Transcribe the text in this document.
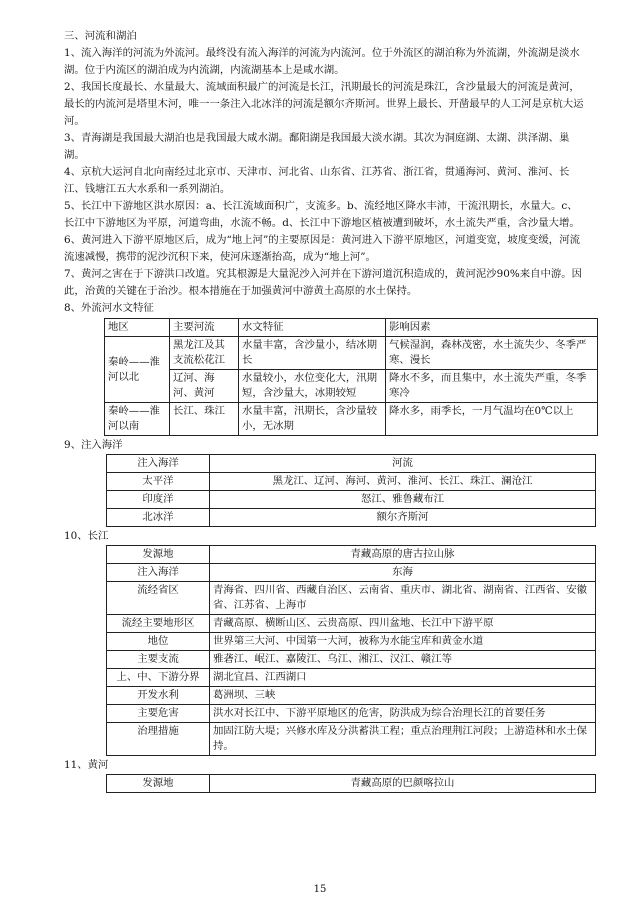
三、河流和湖泊

1、流入海洋的河流为外流河。最终没有流入海洋的河流为内流河。位于外流区的湖泊称为外流湖，外流湖是淡水湖。位于内流区的湖泊成为内流湖，内流湖基本上是咸水湖。

2、我国长度最长、水量最大、流域面积最广的河流是长江，汛期最长的河流是珠江，含沙量最大的河流是黄河，最长的内流河是塔里木河，唯一一条注入北冰洋的河流是额尔齐斯河。世界上最长、开凿最早的人工河是京杭大运河。

3、青海湖是我国最大湖泊也是我国最大咸水湖。鄱阳湖是我国最大淡水湖。其次为洞庭湖、太湖、洪泽湖、巢湖。

4、京杭大运河自北向南经过北京市、天津市、河北省、山东省、江苏省、浙江省，贯通海河、黄河、淮河、长江、钱塘江五大水系和一系列湖泊。

5、长江中下游地区洪水原因：a、长江流域面积广，支流多。b、流经地区降水丰沛，干流汛期长，水量大。c、长江中下游地区为平原，河道弯曲，水流不畅。d、长江中下游地区植被遭到破坏，水土流失严重，含沙量大增。

6、黄河进入下游平原地区后，成为“地上河”的主要原因是：黄河进入下游平原地区，河道变宽，坡度变缓，河流流速减慢，携带的泥沙沉积下来，使河床逐渐抬高，成为“地上河”。

7、黄河之害在于下游洪口改道。究其根源是大量泥沙入河并在下游河道沉积造成的，黄河泥沙90%来自中游。因此，治黄的关键在于治沙。根本措施在于加强黄河中游黄土高原的水土保持。

8、外流河水文特征

地区	主要河流	水文特征	影响因素
秦岭——淮河以北	黑龙江及其支流松花江	水量丰富，含沙量小，结冰期长	气候湿润，森林茂密，水土流失少、冬季严寒、漫长
	辽河、海河、黄河	水量较小，水位变化大，汛期短，含沙量大，冰期较短	降水不多，而且集中，水土流失严重，冬季寒冷
秦岭——淮河以南	长江、珠江	水量丰富，汛期长，含沙量较小，无冰期	降水多，雨季长，一月气温均在0℃以上

9、注入海洋

注入海洋	河流
太平洋	黑龙江、辽河、海河、黄河、淮河、长江、珠江、澜沧江
印度洋	怒江、雅鲁藏布江
北冰洋	额尔齐斯河

10、长江

发源地	青藏高原的唐古拉山脉
注入海洋	东海
流经省区	青海省、四川省、西藏自治区、云南省、重庆市、湖北省、湖南省、江西省、安徽省、江苏省、上海市
流经主要地形区	青藏高原、横断山区、云贵高原、四川盆地、长江中下游平原
地位	世界第三大河、中国第一大河，被称为水能宝库和黄金水道
主要支流	雅砻江、岷江、嘉陵江、乌江、湘江、汉江、赣江等
上、中、下游分界	湖北宜昌、江西湖口
开发水利	葛洲坝、三峡
主要危害	洪水对长江中、下游平原地区的危害，防洪成为综合治理长江的首要任务
治理措施	加固江防大堤；兴修水库及分洪蓄洪工程；重点治理荆江河段；上游造林和水土保持。

11、黄河

发源地	青藏高原的巴颜喀拉山
15
